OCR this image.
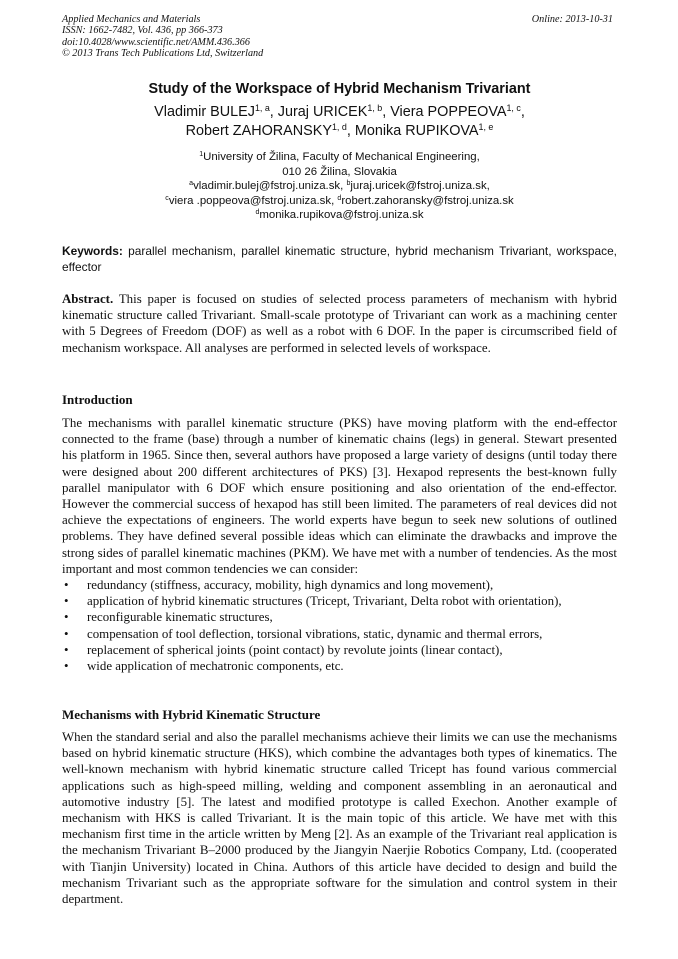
Applied Mechanics and Materials
ISSN: 1662-7482, Vol. 436, pp 366-373
doi:10.4028/www.scientific.net/AMM.436.366
© 2013 Trans Tech Publications Ltd, Switzerland
Online: 2013-10-31
Study of the Workspace of Hybrid Mechanism Trivariant
Vladimir BULEJ$^{1, a}$, Juraj URICEK$^{1, b}$, Viera POPPEOVA$^{1, c}$,
Robert ZAHORANSKY$^{1, d}$, Monika RUPIKOVA$^{1, e}$
$^1$University of Žilina, Faculty of Mechanical Engineering,
010 26 Žilina, Slovakia
$^a$vladimir.bulej@fstroj.uniza.sk, $^b$juraj.uricek@fstroj.uniza.sk,
$^c$viera .poppeova@fstroj.uniza.sk, $^d$robert.zahoransky@fstroj.uniza.sk
$^d$monika.rupikova@fstroj.uniza.sk
Keywords: parallel mechanism, parallel kinematic structure, hybrid mechanism Trivariant, workspace, effector
Abstract. This paper is focused on studies of selected process parameters of mechanism with hybrid kinematic structure called Trivariant. Small-scale prototype of Trivariant can work as a machining center with 5 Degrees of Freedom (DOF) as well as a robot with 6 DOF. In the paper is circumscribed field of mechanism workspace. All analyses are performed in selected levels of workspace.
Introduction

The mechanisms with parallel kinematic structure (PKS) have moving platform with the end-effector connected to the frame (base) through a number of kinematic chains (legs) in general. Stewart presented his platform in 1965. Since then, several authors have proposed a large variety of designs (until today there were designed about 200 different architectures of PKS) [3]. Hexapod represents the best-known fully parallel manipulator with 6 DOF which ensure positioning and also orientation of the end-effector. However the commercial success of hexapod has still been limited. The parameters of real devices did not achieve the expectations of engineers. The world experts have begun to seek new solutions of outlined problems. They have defined several possible ideas which can eliminate the drawbacks and improve the strong sides of parallel kinematic machines (PKM). We have met with a number of tendencies. As the most important and most common tendencies we can consider:

• redundancy (stiffness, accuracy, mobility, high dynamics and long movement),
• application of hybrid kinematic structures (Tricept, Trivariant, Delta robot with orientation),
• reconfigurable kinematic structures,
• compensation of tool deflection, torsional vibrations, static, dynamic and thermal errors,
• replacement of spherical joints (point contact) by revolute joints (linear contact),
• wide application of mechatronic components, etc.
Mechanisms with Hybrid Kinematic Structure

When the standard serial and also the parallel mechanisms achieve their limits we can use the mechanisms based on hybrid kinematic structure (HKS), which combine the advantages both types of kinematics. The well-known mechanism with hybrid kinematic structure called Tricept has found various commercial applications such as high-speed milling, welding and component assembling in an aeronautical and automotive industry [5]. The latest and modified prototype is called Exechon. Another example of mechanism with HKS is called Trivariant. It is the main topic of this article. We have met with this mechanism first time in the article written by Meng [2]. As an example of the Trivariant real application is the mechanism Trivariant B–2000 produced by the Jiangyin Naerjie Robotics Company, Ltd. (cooperated with Tianjin University) located in China. Authors of this article have decided to design and build the mechanism Trivariant such as the appropriate software for the simulation and control system in their department.
